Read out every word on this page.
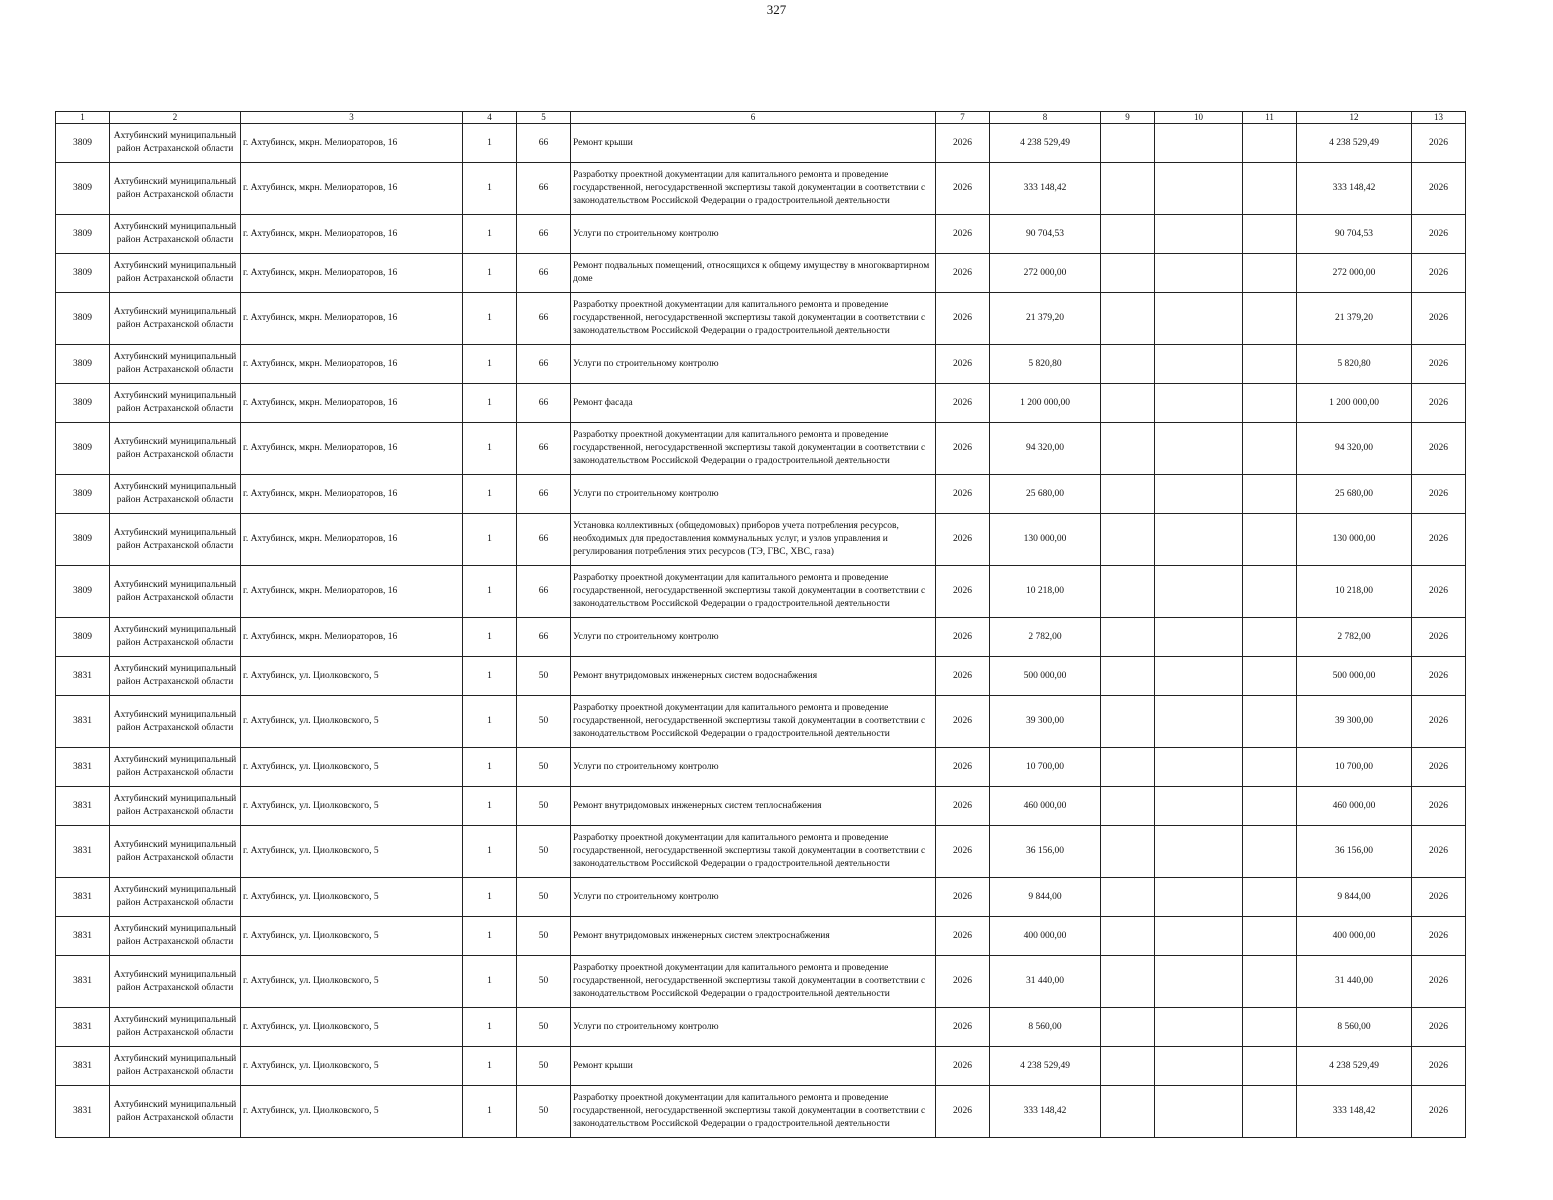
327
1	2	3	4	5	6	7	8	9	10	11	12	13
3809	Ахтубинский муниципальный район Астраханской области	г. Ахтубинск, мкрн. Мелиораторов, 16	1	66	Ремонт крыши	2026	4 238 529,49				4 238 529,49	2026
3809	Ахтубинский муниципальный район Астраханской области	г. Ахтубинск, мкрн. Мелиораторов, 16	1	66	Разработку проектной документации для капитального ремонта и проведение государственной, негосударственной экспертизы такой документации в соответствии с законодательством Российской Федерации о градостроительной деятельности	2026	333 148,42				333 148,42	2026
3809	Ахтубинский муниципальный район Астраханской области	г. Ахтубинск, мкрн. Мелиораторов, 16	1	66	Услуги по строительному контролю	2026	90 704,53				90 704,53	2026
3809	Ахтубинский муниципальный район Астраханской области	г. Ахтубинск, мкрн. Мелиораторов, 16	1	66	Ремонт подвальных помещений, относящихся к общему имуществу в многоквартирном доме	2026	272 000,00				272 000,00	2026
3809	Ахтубинский муниципальный район Астраханской области	г. Ахтубинск, мкрн. Мелиораторов, 16	1	66	Разработку проектной документации для капитального ремонта и проведение государственной, негосударственной экспертизы такой документации в соответствии с законодательством Российской Федерации о градостроительной деятельности	2026	21 379,20				21 379,20	2026
3809	Ахтубинский муниципальный район Астраханской области	г. Ахтубинск, мкрн. Мелиораторов, 16	1	66	Услуги по строительному контролю	2026	5 820,80				5 820,80	2026
3809	Ахтубинский муниципальный район Астраханской области	г. Ахтубинск, мкрн. Мелиораторов, 16	1	66	Ремонт фасада	2026	1 200 000,00				1 200 000,00	2026
3809	Ахтубинский муниципальный район Астраханской области	г. Ахтубинск, мкрн. Мелиораторов, 16	1	66	Разработку проектной документации для капитального ремонта и проведение государственной, негосударственной экспертизы такой документации в соответствии с законодательством Российской Федерации о градостроительной деятельности	2026	94 320,00				94 320,00	2026
3809	Ахтубинский муниципальный район Астраханской области	г. Ахтубинск, мкрн. Мелиораторов, 16	1	66	Услуги по строительному контролю	2026	25 680,00				25 680,00	2026
3809	Ахтубинский муниципальный район Астраханской области	г. Ахтубинск, мкрн. Мелиораторов, 16	1	66	Установка коллективных (общедомовых) приборов учета потребления ресурсов, необходимых для предоставления коммунальных услуг, и узлов управления и регулирования потребления этих ресурсов (ТЭ, ГВС, ХВС, газа)	2026	130 000,00				130 000,00	2026
3809	Ахтубинский муниципальный район Астраханской области	г. Ахтубинск, мкрн. Мелиораторов, 16	1	66	Разработку проектной документации для капитального ремонта и проведение государственной, негосударственной экспертизы такой документации в соответствии с законодательством Российской Федерации о градостроительной деятельности	2026	10 218,00				10 218,00	2026
3809	Ахтубинский муниципальный район Астраханской области	г. Ахтубинск, мкрн. Мелиораторов, 16	1	66	Услуги по строительному контролю	2026	2 782,00				2 782,00	2026
3831	Ахтубинский муниципальный район Астраханской области	г. Ахтубинск, ул. Циолковского, 5	1	50	Ремонт внутридомовых инженерных систем водоснабжения	2026	500 000,00				500 000,00	2026
3831	Ахтубинский муниципальный район Астраханской области	г. Ахтубинск, ул. Циолковского, 5	1	50	Разработку проектной документации для капитального ремонта и проведение государственной, негосударственной экспертизы такой документации в соответствии с законодательством Российской Федерации о градостроительной деятельности	2026	39 300,00				39 300,00	2026
3831	Ахтубинский муниципальный район Астраханской области	г. Ахтубинск, ул. Циолковского, 5	1	50	Услуги по строительному контролю	2026	10 700,00				10 700,00	2026
3831	Ахтубинский муниципальный район Астраханской области	г. Ахтубинск, ул. Циолковского, 5	1	50	Ремонт внутридомовых инженерных систем теплоснабжения	2026	460 000,00				460 000,00	2026
3831	Ахтубинский муниципальный район Астраханской области	г. Ахтубинск, ул. Циолковского, 5	1	50	Разработку проектной документации для капитального ремонта и проведение государственной, негосударственной экспертизы такой документации в соответствии с законодательством Российской Федерации о градостроительной деятельности	2026	36 156,00				36 156,00	2026
3831	Ахтубинский муниципальный район Астраханской области	г. Ахтубинск, ул. Циолковского, 5	1	50	Услуги по строительному контролю	2026	9 844,00				9 844,00	2026
3831	Ахтубинский муниципальный район Астраханской области	г. Ахтубинск, ул. Циолковского, 5	1	50	Ремонт внутридомовых инженерных систем электроснабжения	2026	400 000,00				400 000,00	2026
3831	Ахтубинский муниципальный район Астраханской области	г. Ахтубинск, ул. Циолковского, 5	1	50	Разработку проектной документации для капитального ремонта и проведение государственной, негосударственной экспертизы такой документации в соответствии с законодательством Российской Федерации о градостроительной деятельности	2026	31 440,00				31 440,00	2026
3831	Ахтубинский муниципальный район Астраханской области	г. Ахтубинск, ул. Циолковского, 5	1	50	Услуги по строительному контролю	2026	8 560,00				8 560,00	2026
3831	Ахтубинский муниципальный район Астраханской области	г. Ахтубинск, ул. Циолковского, 5	1	50	Ремонт крыши	2026	4 238 529,49				4 238 529,49	2026
3831	Ахтубинский муниципальный район Астраханской области	г. Ахтубинск, ул. Циолковского, 5	1	50	Разработку проектной документации для капитального ремонта и проведение государственной, негосударственной экспертизы такой документации в соответствии с законодательством Российской Федерации о градостроительной деятельности	2026	333 148,42				333 148,42	2026
